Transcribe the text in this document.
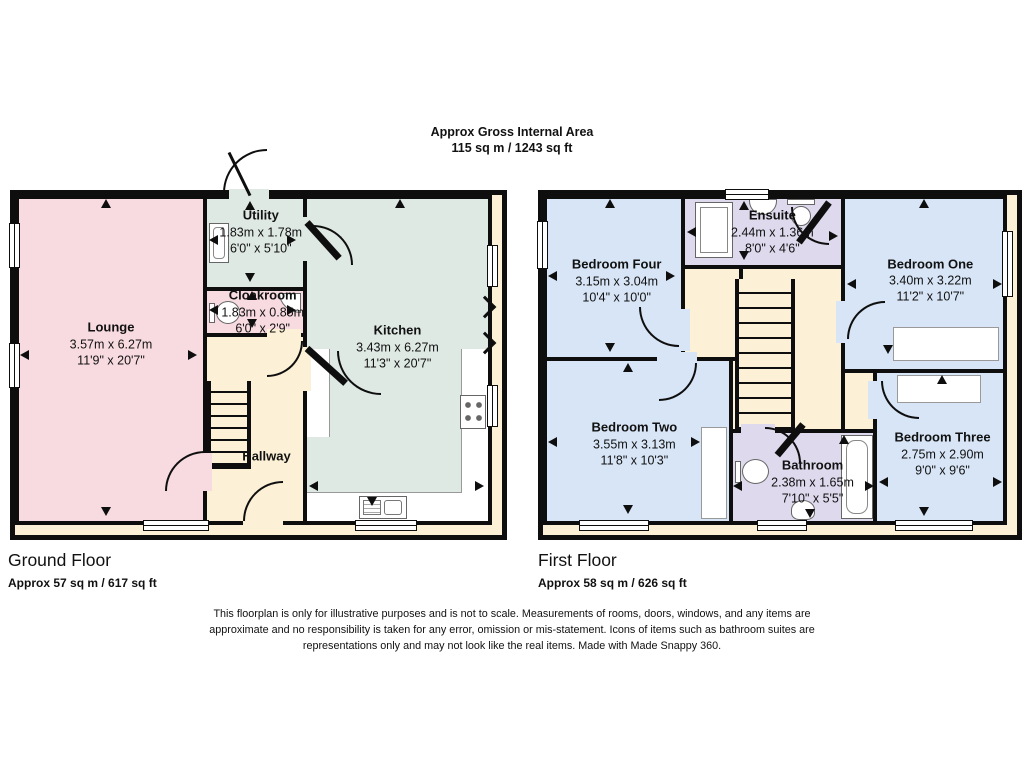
Approx Gross Internal Area
115 sq m / 1243 sq ft
Lounge
3.57m x 6.27m
11'9" x 20'7"
Utility
1.83m x 1.78m
6'0" x 5'10"
Cloakroom
1.83m x 0.85m
6'0" x 2'9"
Hallway
Kitchen
3.43m x 6.27m
11'3" x 20'7"
Bedroom Four
3.15m x 3.04m
10'4" x 10'0"
Ensuite
2.44m x 1.36m
8'0" x 4'6"
Bedroom One
3.40m x 3.22m
11'2" x 10'7"
Bedroom Two
3.55m x 3.13m
11'8" x 10'3"	Bathroom
2.38m x 1.65m
7'10" x 5'5"
Bedroom Three
2.75m x 2.90m
9'0" x 9'6"
Ground Floor
Approx 57 sq m / 617 sq ft
First Floor
Approx 58 sq m / 626 sq ft
This floorplan is only for illustrative purposes and is not to scale. Measurements of rooms, doors, windows, and any items are approximate and no responsibility is taken for any error, omission or mis-statement. Icons of items such as bathroom suites are representations only and may not look like the real items. Made with Made Snappy 360.
